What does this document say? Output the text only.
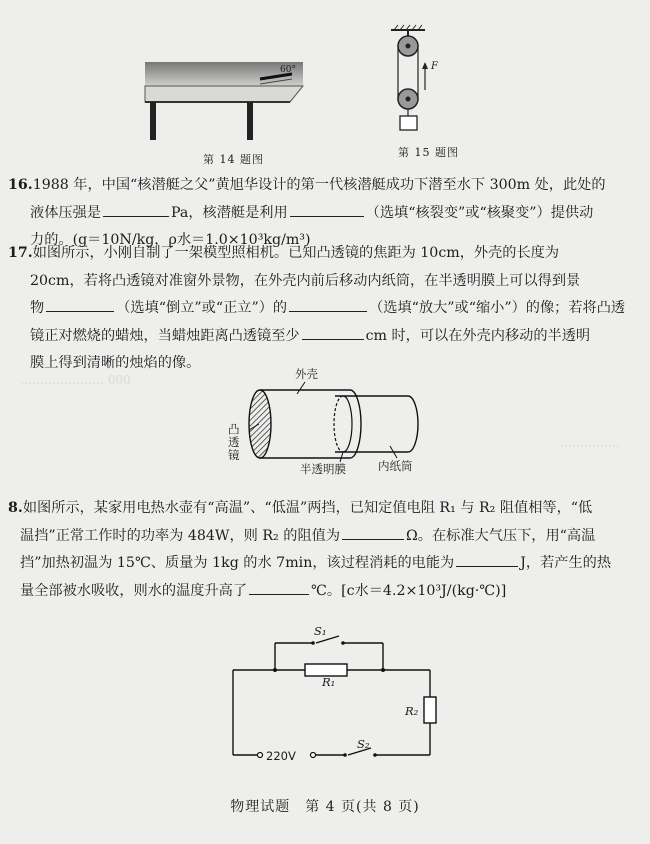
………………… 000
……………
60°
第 14 题图
F
第 15 题图
16.1988 年，中国“核潜艇之父”黄旭华设计的第一代核潜艇成功下潜至水下 300m 处，此处的
液体压强是	Pa，核潜艇是利用	（选填“核裂变”或“核聚变”）提供动
力的。(g＝10N/kg，ρ水＝1.0×10³kg/m³)
17.如图所示，小刚自制了一架模型照相机。已知凸透镜的焦距为 10cm，外壳的长度为
20cm，若将凸透镜对准窗外景物，在外壳内前后移动内纸筒，在半透明膜上可以得到景
物	（选填“倒立”或“正立”）的	（选填“放大”或“缩小”）的像；若将凸透
镜正对燃烧的蜡烛，当蜡烛距离凸透镜至少	cm 时，可以在外壳内移动的半透明
膜上得到清晰的烛焰的像。
外壳
凸透镜
半透明膜	内纸筒
8.如图所示，某家用电热水壶有“高温”、“低温”两挡，已知定值电阻 R₁ 与 R₂ 阻值相等，“低
温挡”正常工作时的功率为 484W，则 R₂ 的阻值为	Ω。在标准大气压下，用“高温
挡”加热初温为 15℃、质量为 1kg 的水 7min，该过程消耗的电能为	J，若产生的热
量全部被水吸收，则水的温度升高了	℃。[c水＝4.2×10³J/(kg·℃)]
S₁
R₁
R₂
S₂
220V
物理试题　第 4 页(共 8 页)
